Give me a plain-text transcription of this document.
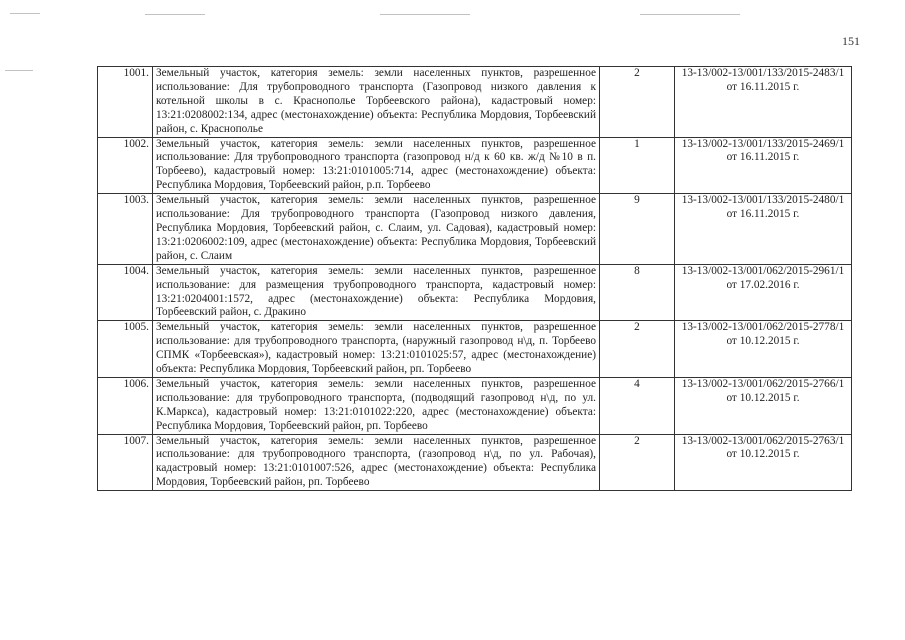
151
1001.	Земельный участок, категория земель: земли населенных пунктов, разрешенное использование: Для трубопроводного транспорта (Газопровод низкого давления к котельной школы в с. Краснополье Торбеевского района), кадастровый номер: 13:21:0208002:134, адрес (местонахождение) объекта: Республика Мордовия, Торбеевский район, с. Краснополье	2	13-13/002-13/001/133/2015-2483/1 от 16.11.2015 г.
1002.	Земельный участок, категория земель: земли населенных пунктов, разрешенное использование: Для трубопроводного транспорта (газопровод н/д к 60 кв. ж/д №10 в п. Торбеево), кадастровый номер: 13:21:0101005:714, адрес (местонахождение) объекта: Республика Мордовия, Торбеевский район, р.п. Торбеево	1	13-13/002-13/001/133/2015-2469/1 от 16.11.2015 г.
1003.	Земельный участок, категория земель: земли населенных пунктов, разрешенное использование: Для трубопроводного транспорта (Газопровод низкого давления, Республика Мордовия, Торбеевский район, с. Слаим, ул. Садовая), кадастровый номер: 13:21:0206002:109, адрес (местонахождение) объекта: Республика Мордовия, Торбеевский район, с. Слаим	9	13-13/002-13/001/133/2015-2480/1 от 16.11.2015 г.
1004.	Земельный участок, категория земель: земли населенных пунктов, разрешенное использование: для размещения трубопроводного транспорта, кадастровый номер: 13:21:0204001:1572, адрес (местонахождение) объекта: Республика Мордовия, Торбеевский район, с. Дракино	8	13-13/002-13/001/062/2015-2961/1 от 17.02.2016 г.
1005.	Земельный участок, категория земель: земли населенных пунктов, разрешенное использование: для трубопроводного транспорта, (наружный газопровод н\д, п. Торбеево СПМК «Торбеевская»), кадастровый номер: 13:21:0101025:57, адрес (местонахождение) объекта: Республика Мордовия, Торбеевский район, рп. Торбеево	2	13-13/002-13/001/062/2015-2778/1 от 10.12.2015 г.
1006.	Земельный участок, категория земель: земли населенных пунктов, разрешенное использование: для трубопроводного транспорта, (подводящий газопровод н\д, по ул. К.Маркса), кадастровый номер: 13:21:0101022:220, адрес (местонахождение) объекта: Республика Мордовия, Торбеевский район, рп. Торбеево	4	13-13/002-13/001/062/2015-2766/1 от 10.12.2015 г.
1007.	Земельный участок, категория земель: земли населенных пунктов, разрешенное использование: для трубопроводного транспорта, (газопровод н\д, по ул. Рабочая), кадастровый номер: 13:21:0101007:526, адрес (местонахождение) объекта: Республика Мордовия, Торбеевский район, рп. Торбеево	2	13-13/002-13/001/062/2015-2763/1 от 10.12.2015 г.
